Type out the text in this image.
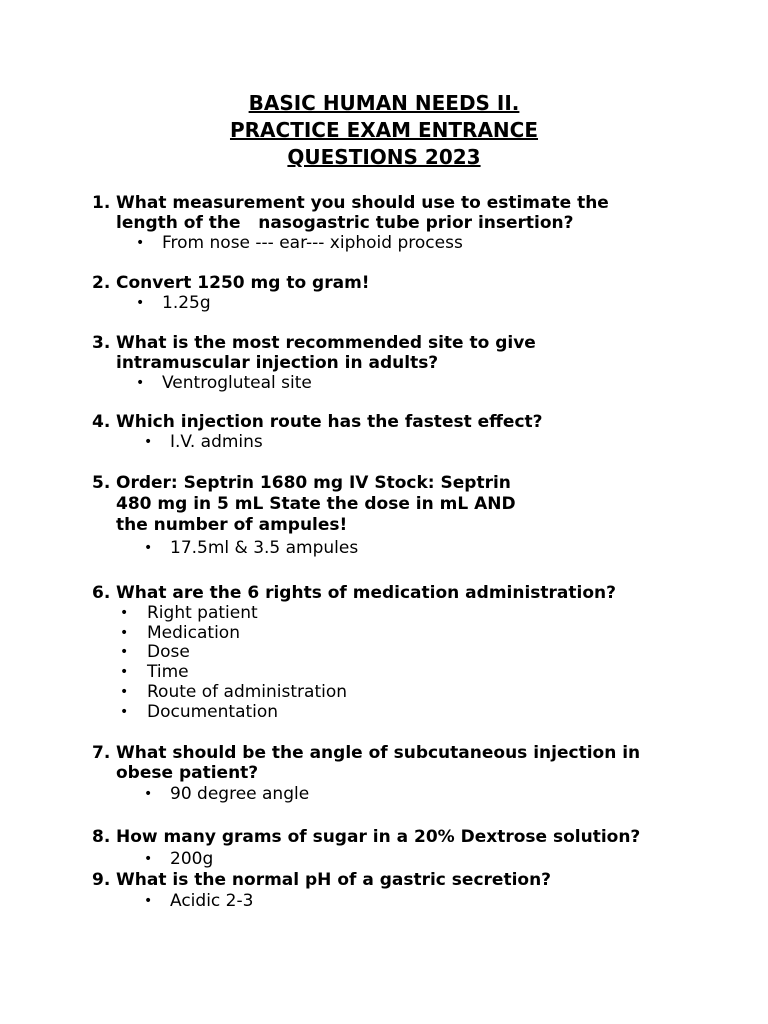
BASIC HUMAN NEEDS II.
PRACTICE EXAM ENTRANCE
QUESTIONS 2023
1. What measurement you should use to estimate the
length of the   nasogastric tube prior insertion?
• From nose --- ear--- xiphoid process
2. Convert 1250 mg to gram!
• 1.25g
3. What is the most recommended site to give
intramuscular injection in adults?
• Ventrogluteal site
4. Which injection route has the fastest effect?
• I.V. admins
5. Order: Septrin 1680 mg IV Stock: Septrin
480 mg in 5 mL State the dose in mL AND
the number of ampules!
• 17.5ml & 3.5 ampules
6. What are the 6 rights of medication administration?
• Right patient
• Medication
• Dose
• Time
• Route of administration
• Documentation
7. What should be the angle of subcutaneous injection in
obese patient?
• 90 degree angle
8. How many grams of sugar in a 20% Dextrose solution?
• 200g
9. What is the normal pH of a gastric secretion?
• Acidic 2-3
